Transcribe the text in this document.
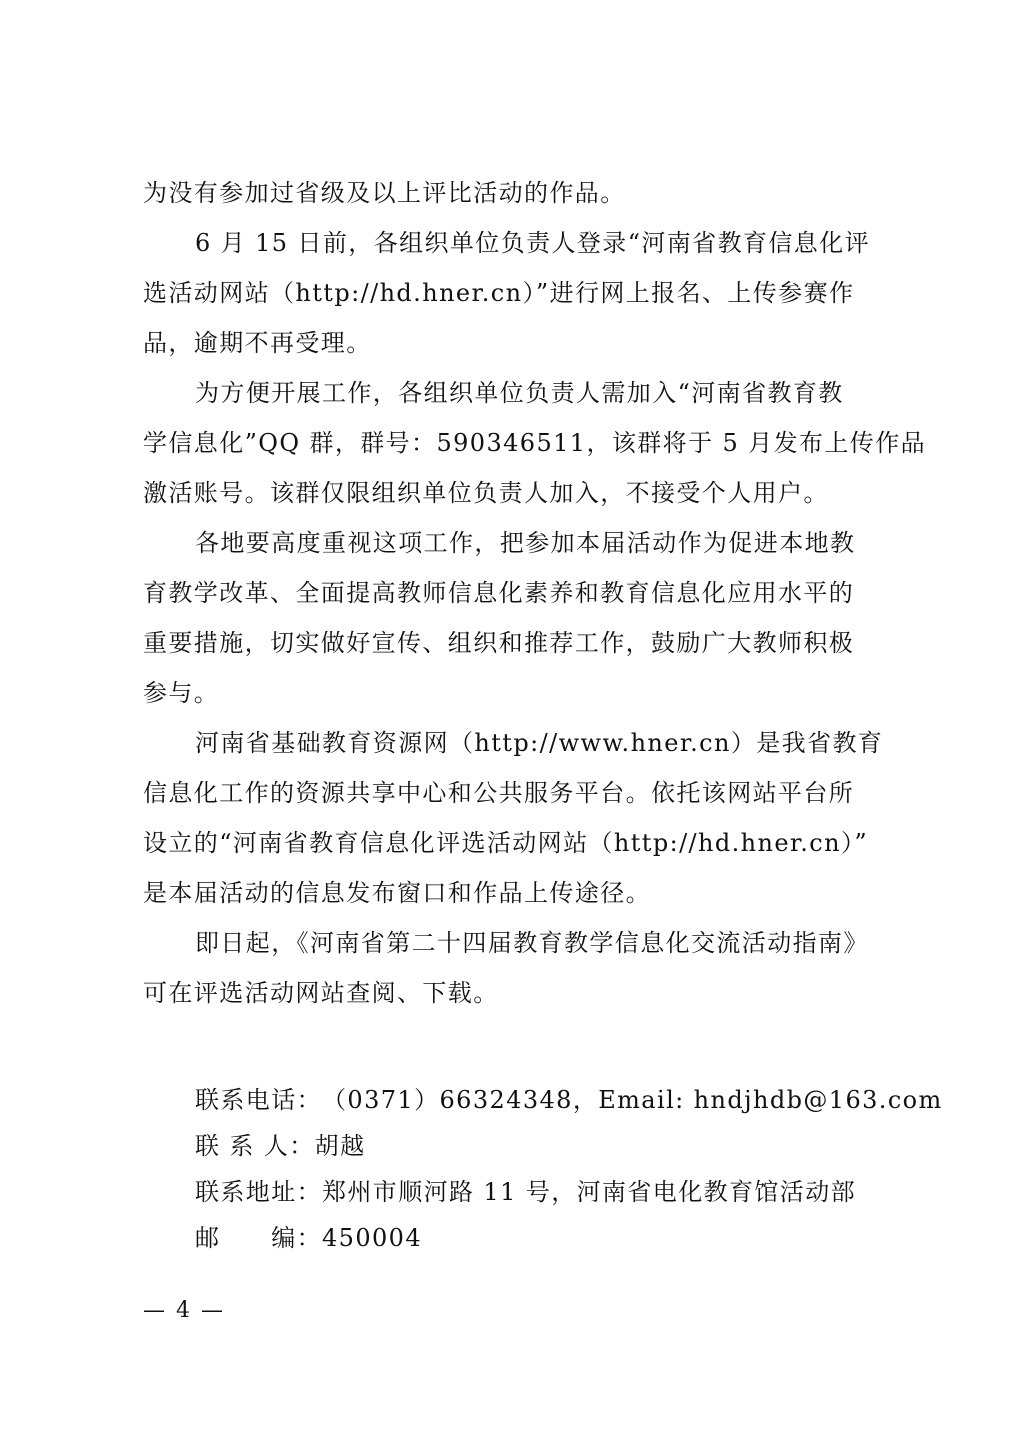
为没有参加过省级及以上评比活动的作品。
6 月 15 日前，各组织单位负责人登录“河南省教育信息化评
选活动网站（http://hd.hner.cn）”进行网上报名、上传参赛作
品，逾期不再受理。
为方便开展工作，各组织单位负责人需加入“河南省教育教
学信息化”QQ 群，群号：590346511，该群将于 5 月发布上传作品
激活账号。该群仅限组织单位负责人加入，不接受个人用户。
各地要高度重视这项工作，把参加本届活动作为促进本地教
育教学改革、全面提高教师信息化素养和教育信息化应用水平的
重要措施，切实做好宣传、组织和推荐工作，鼓励广大教师积极
参与。
河南省基础教育资源网（http://www.hner.cn）是我省教育
信息化工作的资源共享中心和公共服务平台。依托该网站平台所
设立的“河南省教育信息化评选活动网站（http://hd.hner.cn）”
是本届活动的信息发布窗口和作品上传途径。
即日起，《河南省第二十四届教育教学信息化交流活动指南》
可在评选活动网站查阅、下载。
联系电话： （0371）66324348，Email: hndjhdb@163.com
联 系 人： 胡越
联系地址： 郑州市顺河路 11 号，河南省电化教育馆活动部
邮　　编： 450004
— 4 —
